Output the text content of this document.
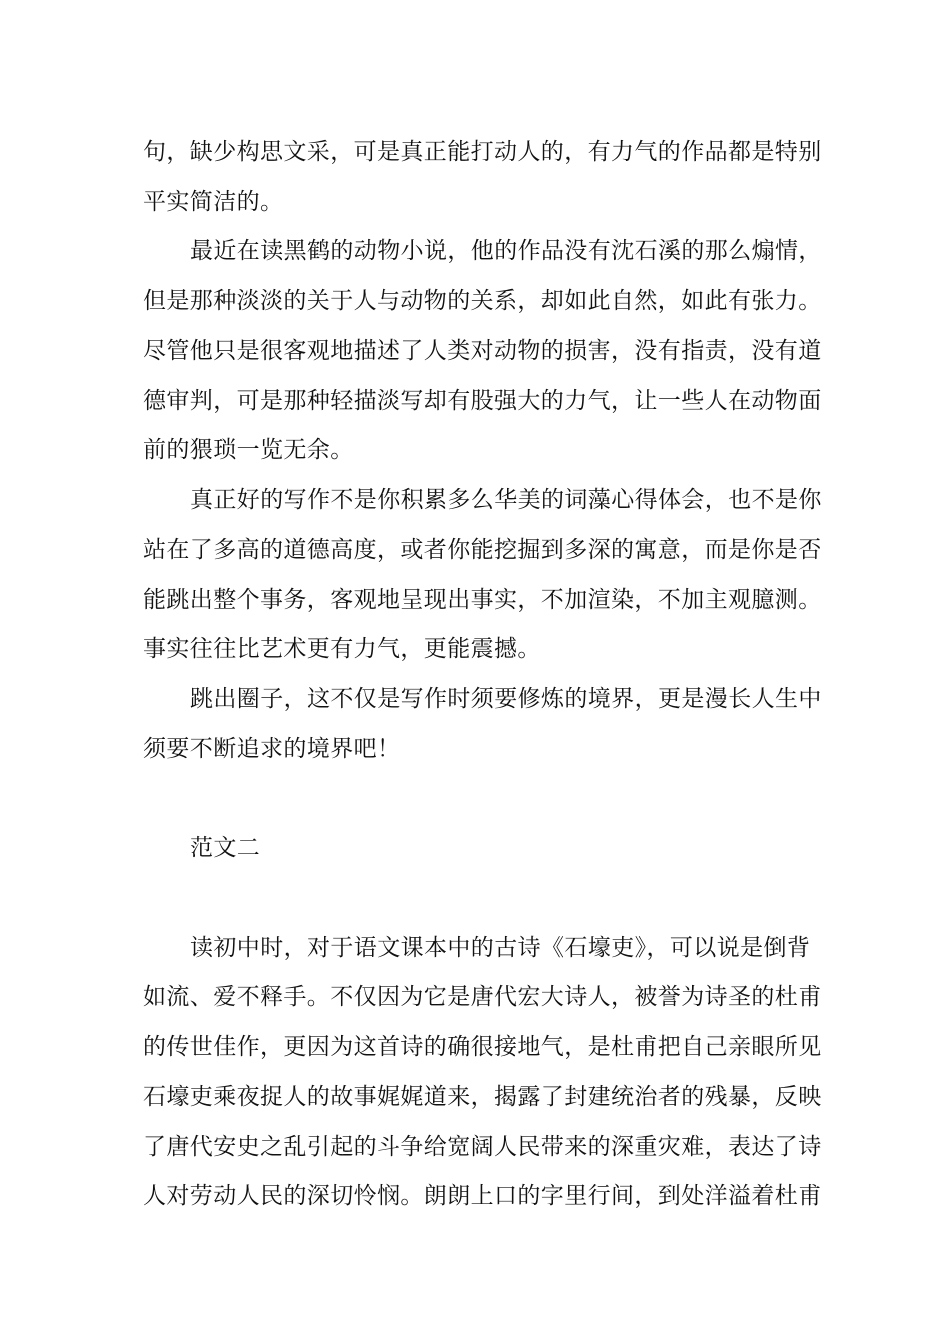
句，缺少构思文采，可是真正能打动人的，有力气的作品都是特别
平实简洁的。
最近在读黑鹤的动物小说，他的作品没有沈石溪的那么煽情，
但是那种淡淡的关于人与动物的关系，却如此自然，如此有张力。
尽管他只是很客观地描述了人类对动物的损害，没有指责，没有道
德审判，可是那种轻描淡写却有股强大的力气，让一些人在动物面
前的猥琐一览无余。
真正好的写作不是你积累多么华美的词藻心得体会，也不是你
站在了多高的道德高度，或者你能挖掘到多深的寓意，而是你是否
能跳出整个事务，客观地呈现出事实，不加渲染，不加主观臆测。
事实往往比艺术更有力气，更能震撼。
跳出圈子，这不仅是写作时须要修炼的境界，更是漫长人生中
须要不断追求的境界吧！
范文二
读初中时，对于语文课本中的古诗《石壕吏》，可以说是倒背
如流、爱不释手。不仅因为它是唐代宏大诗人，被誉为诗圣的杜甫
的传世佳作，更因为这首诗的确很接地气，是杜甫把自己亲眼所见
石壕吏乘夜捉人的故事娓娓道来，揭露了封建统治者的残暴，反映
了唐代安史之乱引起的斗争给宽阔人民带来的深重灾难，表达了诗
人对劳动人民的深切怜悯。朗朗上口的字里行间，到处洋溢着杜甫
